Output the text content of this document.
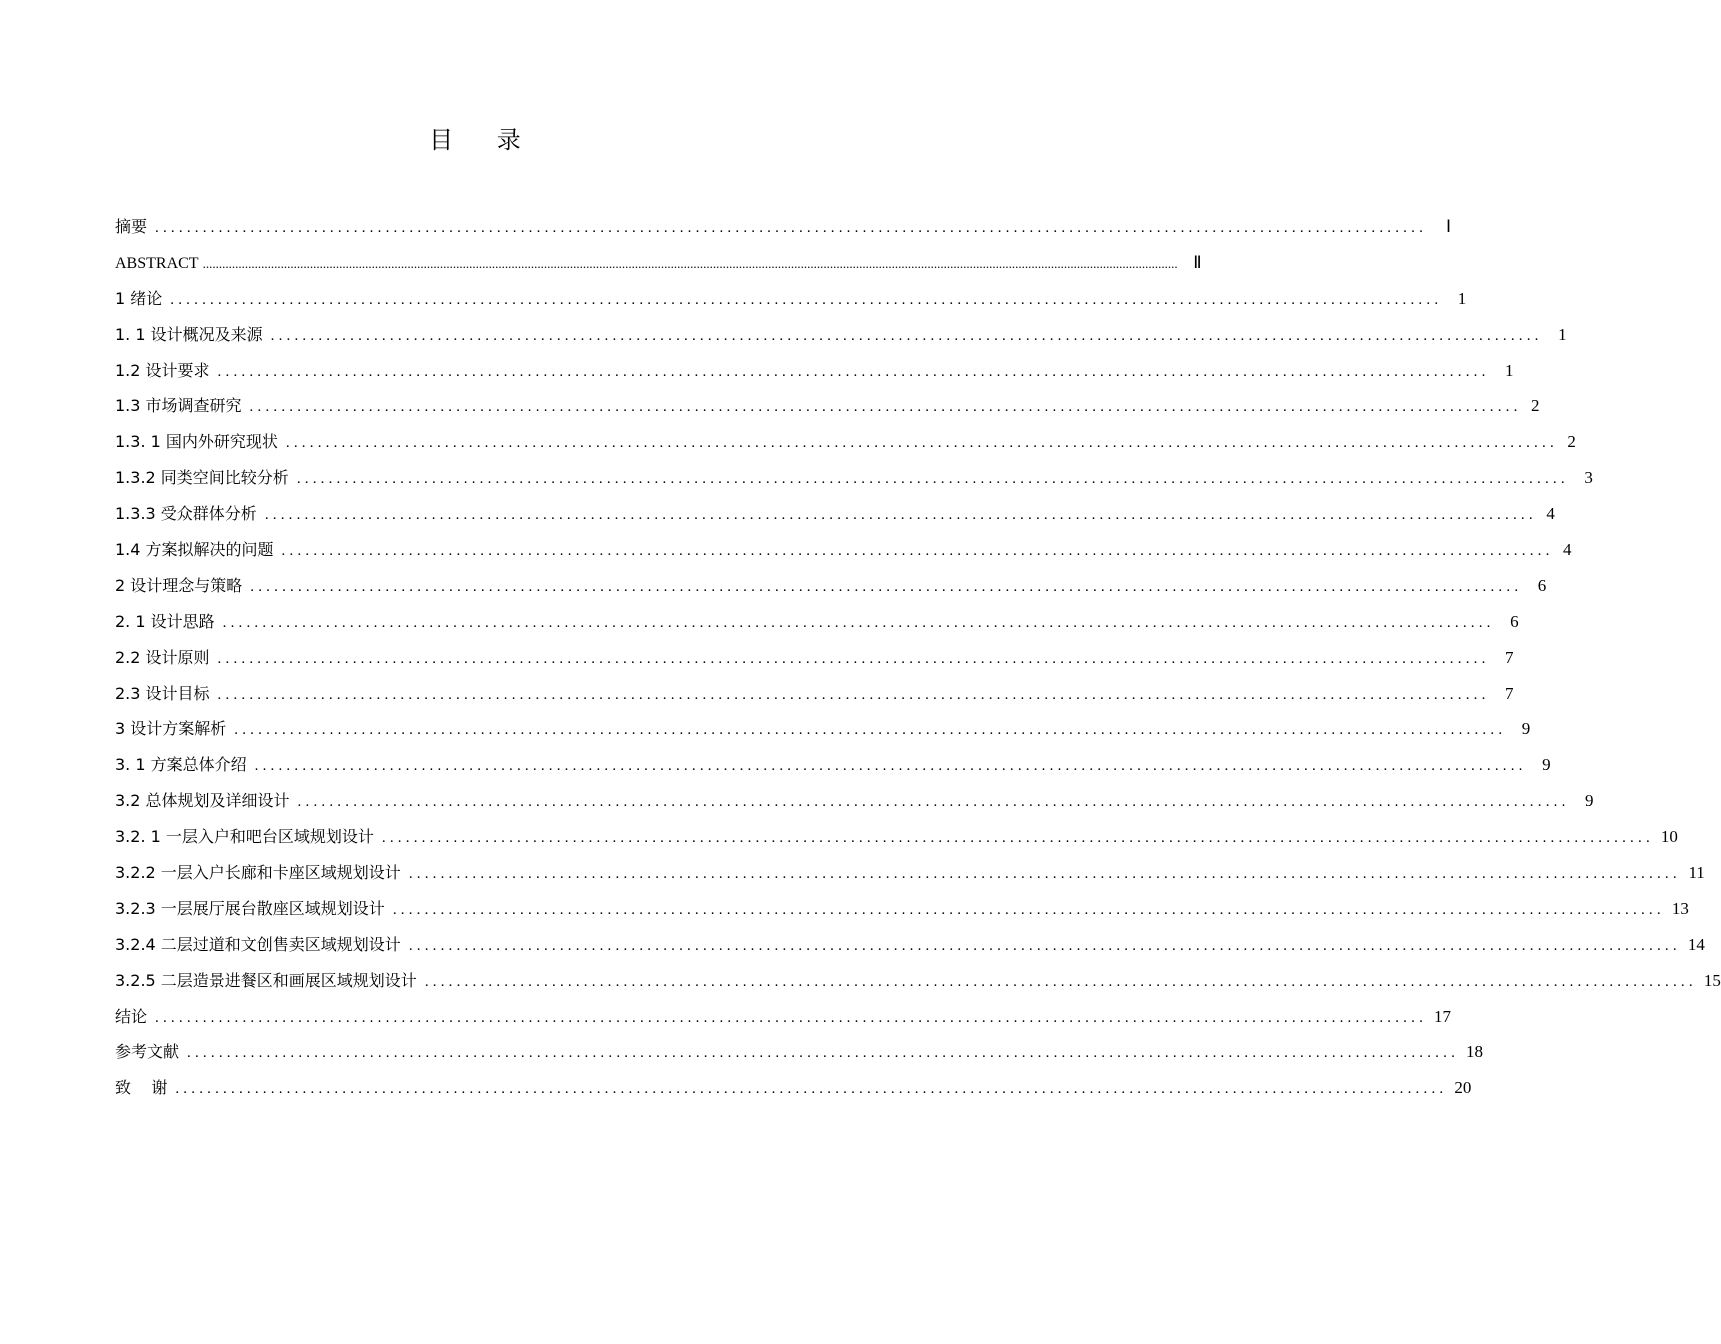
目 录
摘要 ................................................................................................................................................................	Ⅰ
ABSTRACT ............................................................................................................................................................................................................................................................................................................ Ⅱ
1 绪论 ................................................................................................................................................................ 1
1. 1 设计概况及来源 ................................................................................................................................................................ 1
1.2 设计要求 ................................................................................................................................................................ 1
1.3 市场调查研究 ................................................................................................................................................................ 2
1.3. 1 国内外研究现状 ................................................................................................................................................................ 2
1.3.2 同类空间比较分析 ................................................................................................................................................................ 3
1.3.3 受众群体分析 ................................................................................................................................................................ 4
1.4 方案拟解决的问题 ................................................................................................................................................................ 4
2 设计理念与策略 ................................................................................................................................................................ 6
2. 1 设计思路 ................................................................................................................................................................ 6
2.2 设计原则 ................................................................................................................................................................ 7
2.3 设计目标 ................................................................................................................................................................ 7
3 设计方案解析 ................................................................................................................................................................ 9
3. 1 方案总体介绍 ................................................................................................................................................................ 9
3.2 总体规划及详细设计 ................................................................................................................................................................ 9
3.2. 1 一层入户和吧台区域规划设计 ................................................................................................................................................................ 10
3.2.2 一层入户长廊和卡座区域规划设计 ................................................................................................................................................................ 11
3.2.3 一层展厅展台散座区域规划设计 ................................................................................................................................................................ 13
3.2.4 二层过道和文创售卖区域规划设计 ................................................................................................................................................................ 14
3.2.5 二层造景进餐区和画展区域规划设计 ................................................................................................................................................................ 15
结论 ................................................................................................................................................................ 17
参考文献 ................................................................................................................................................................ 18
致    谢 ................................................................................................................................................................ 20
